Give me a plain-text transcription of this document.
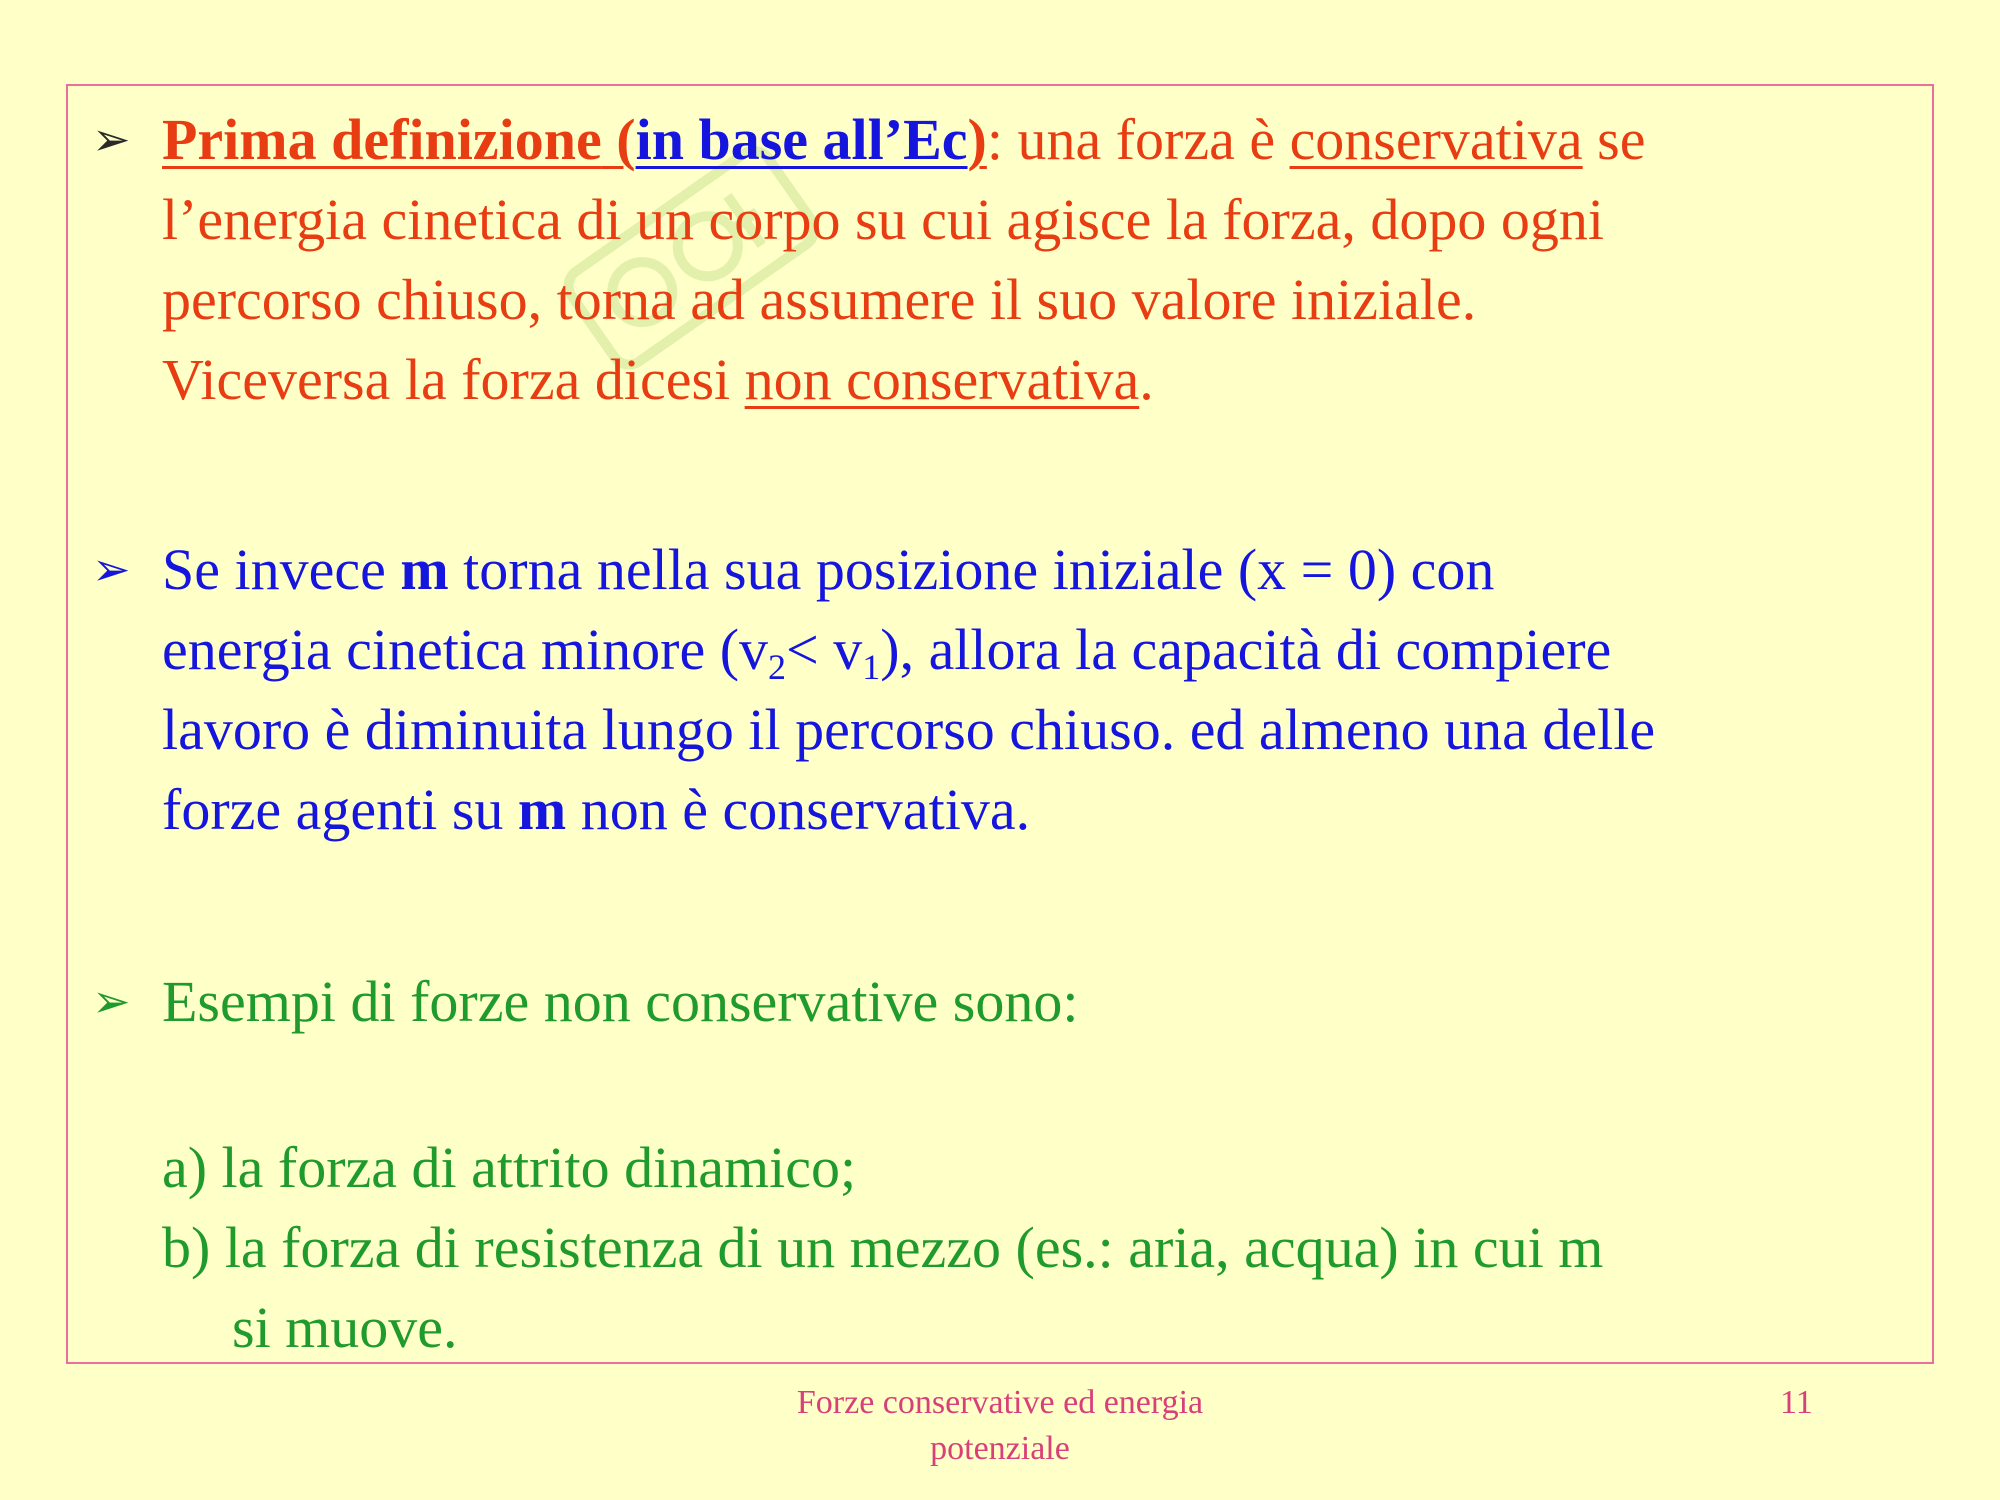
➢ Prima definizione (in base all’Ec): una forza è conservativa se
l’energia cinetica di un corpo su cui agisce la forza, dopo ogni
percorso chiuso, torna ad assumere il suo valore iniziale.
Viceversa la forza dicesi non conservativa.
➢ Se invece m torna nella sua posizione iniziale (x = 0) con
energia cinetica minore $(v_2< v_1)$, allora la capacità di compiere
lavoro è diminuita lungo il percorso chiuso. ed almeno una delle
forze agenti su m non è conservativa.
➢ Esempi di forze non conservative sono:
a) la forza di attrito dinamico;
b) la forza di resistenza di un mezzo (es.: aria, acqua) in cui m
si muove.
Forze conservative ed energia
potenziale
11
